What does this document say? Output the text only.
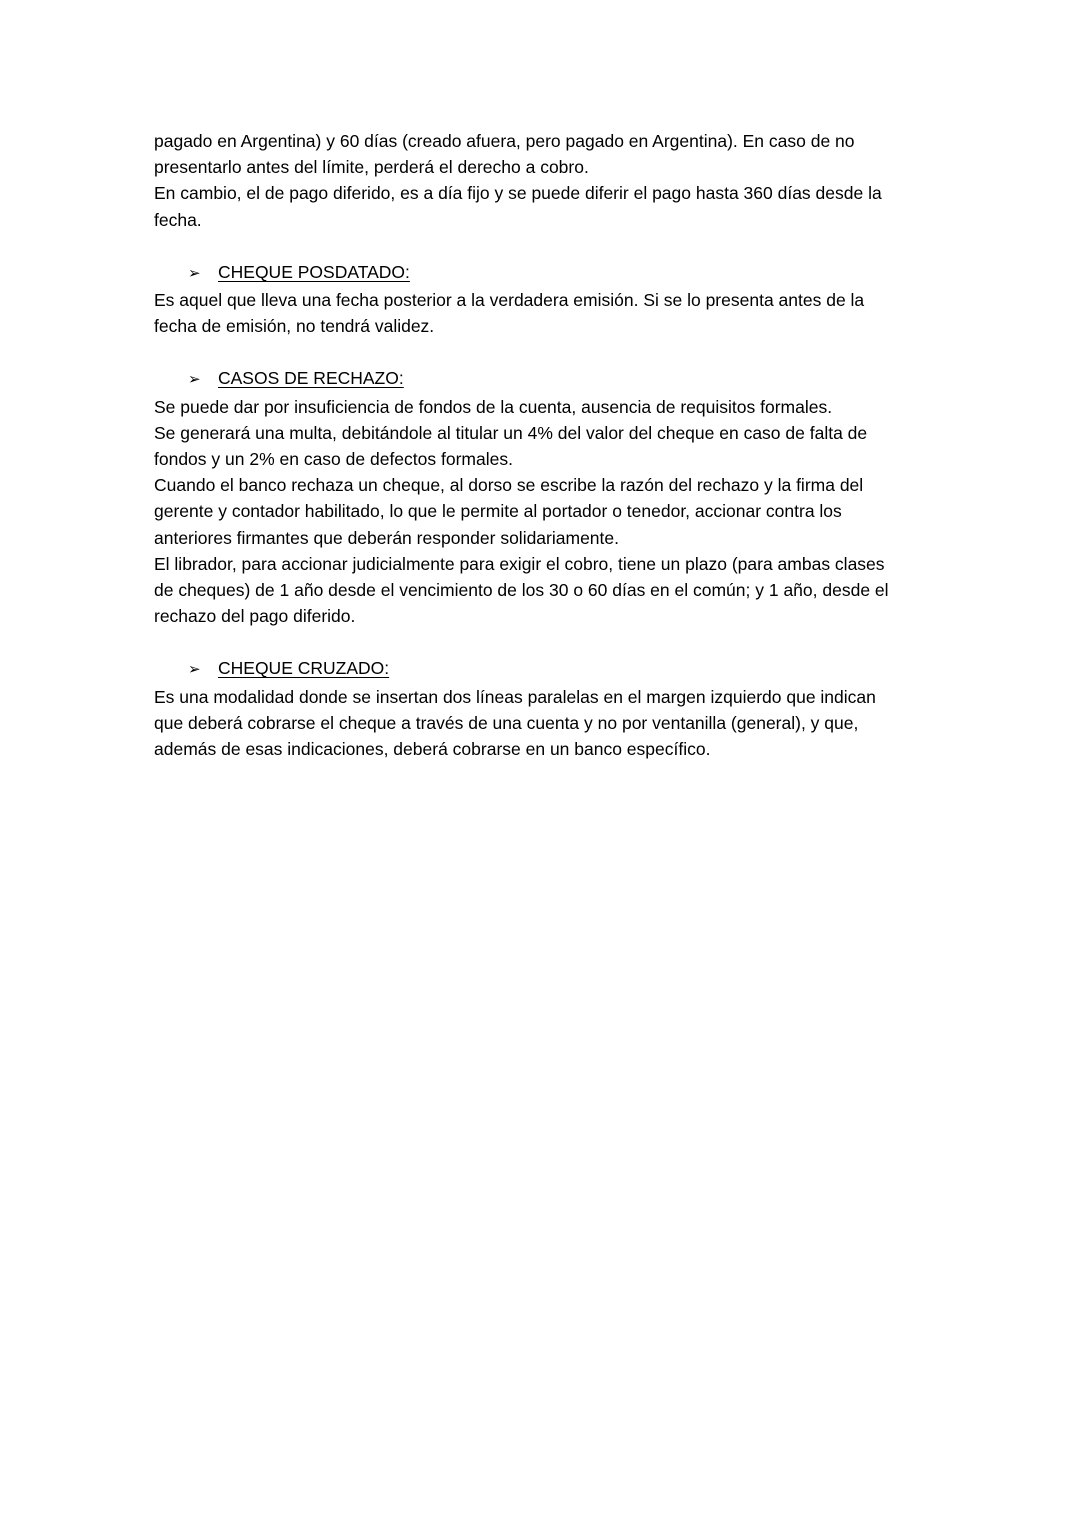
pagado en Argentina) y 60 días (creado afuera, pero pagado en Argentina). En caso de no
presentarlo antes del límite, perderá el derecho a cobro.
En cambio, el de pago diferido, es a día fijo y se puede diferir el pago hasta 360 días desde la
fecha.
➢ CHEQUE POSDATADO:
Es aquel que lleva una fecha posterior a la verdadera emisión. Si se lo presenta antes de la
fecha de emisión, no tendrá validez.
➢ CASOS DE RECHAZO:
Se puede dar por insuficiencia de fondos de la cuenta, ausencia de requisitos formales.
Se generará una multa, debitándole al titular un 4% del valor del cheque en caso de falta de
fondos y un 2% en caso de defectos formales.
Cuando el banco rechaza un cheque, al dorso se escribe la razón del rechazo y la firma del
gerente y contador habilitado, lo que le permite al portador o tenedor, accionar contra los
anteriores firmantes que deberán responder solidariamente.
El librador, para accionar judicialmente para exigir el cobro, tiene un plazo (para ambas clases
de cheques) de 1 año desde el vencimiento de los 30 o 60 días en el común; y 1 año, desde el
rechazo del pago diferido.
➢ CHEQUE CRUZADO:
Es una modalidad donde se insertan dos líneas paralelas en el margen izquierdo que indican
que deberá cobrarse el cheque a través de una cuenta y no por ventanilla (general), y que,
además de esas indicaciones, deberá cobrarse en un banco específico.
